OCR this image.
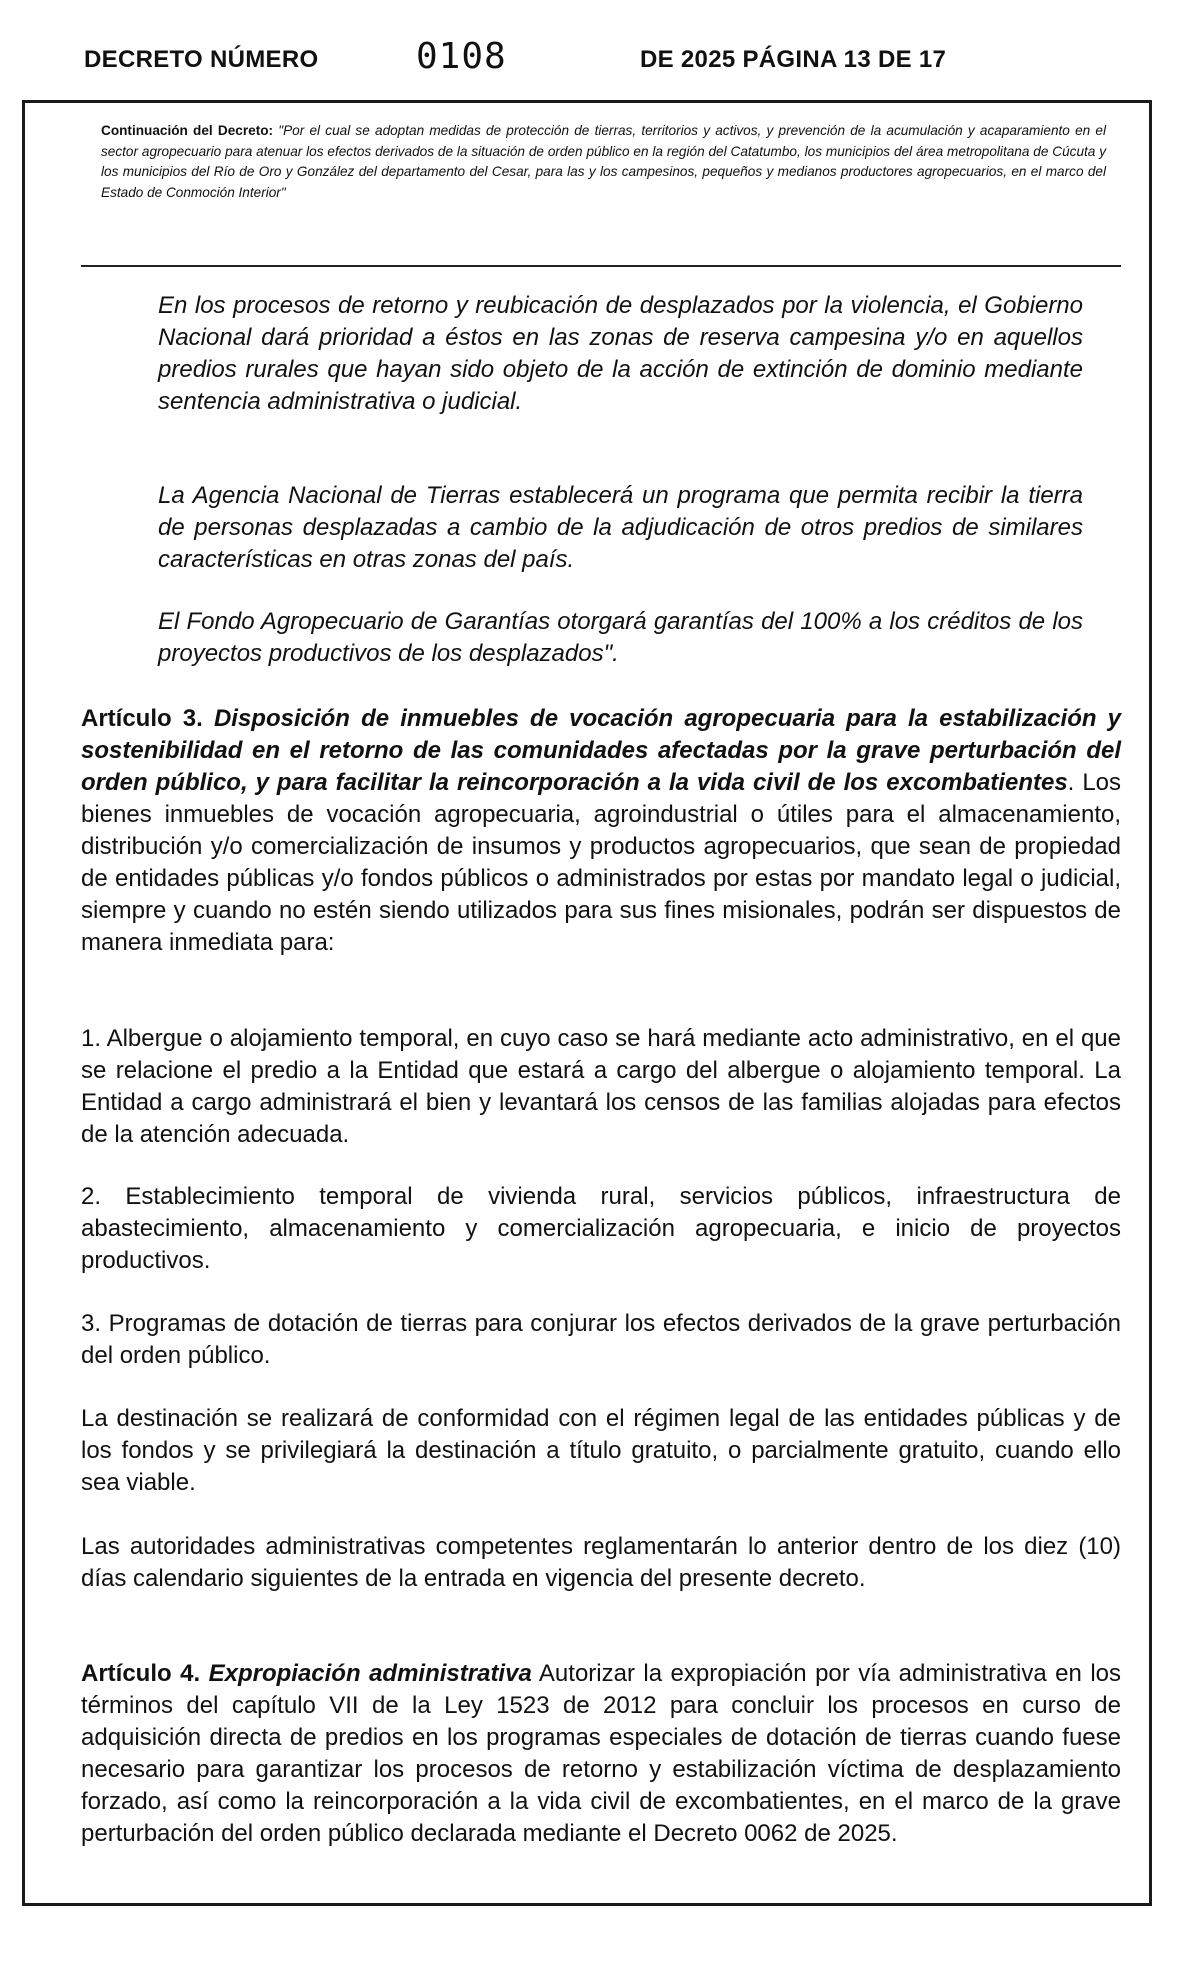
DECRETO NÚMERO	0108	DE 2025 PÁGINA 13 DE 17
Continuación del Decreto: "Por el cual se adoptan medidas de protección de tierras, territorios y activos, y prevención de la acumulación y acaparamiento en el sector agropecuario para atenuar los efectos derivados de la situación de orden público en la región del Catatumbo, los municipios del área metropolitana de Cúcuta y los municipios del Río de Oro y González del departamento del Cesar, para las y los campesinos, pequeños y medianos productores agropecuarios, en el marco del Estado de Conmoción Interior"
En los procesos de retorno y reubicación de desplazados por la violencia, el Gobierno Nacional dará prioridad a éstos en las zonas de reserva campesina y/o en aquellos predios rurales que hayan sido objeto de la acción de extinción de dominio mediante sentencia administrativa o judicial.
La Agencia Nacional de Tierras establecerá un programa que permita recibir la tierra de personas desplazadas a cambio de la adjudicación de otros predios de similares características en otras zonas del país.
El Fondo Agropecuario de Garantías otorgará garantías del 100% a los créditos de los proyectos productivos de los desplazados".
Artículo 3. Disposición de inmuebles de vocación agropecuaria para la estabilización y sostenibilidad en el retorno de las comunidades afectadas por la grave perturbación del orden público, y para facilitar la reincorporación a la vida civil de los excombatientes. Los bienes inmuebles de vocación agropecuaria, agroindustrial o útiles para el almacenamiento, distribución y/o comercialización de insumos y productos agropecuarios, que sean de propiedad de entidades públicas y/o fondos públicos o administrados por estas por mandato legal o judicial, siempre y cuando no estén siendo utilizados para sus fines misionales, podrán ser dispuestos de manera inmediata para:
1. Albergue o alojamiento temporal, en cuyo caso se hará mediante acto administrativo, en el que se relacione el predio a la Entidad que estará a cargo del albergue o alojamiento temporal. La Entidad a cargo administrará el bien y levantará los censos de las familias alojadas para efectos de la atención adecuada.
2. Establecimiento temporal de vivienda rural, servicios públicos, infraestructura de abastecimiento, almacenamiento y comercialización agropecuaria, e inicio de proyectos productivos.
3. Programas de dotación de tierras para conjurar los efectos derivados de la grave perturbación del orden público.
La destinación se realizará de conformidad con el régimen legal de las entidades públicas y de los fondos y se privilegiará la destinación a título gratuito, o parcialmente gratuito, cuando ello sea viable.
Las autoridades administrativas competentes reglamentarán lo anterior dentro de los diez (10) días calendario siguientes de la entrada en vigencia del presente decreto.
Artículo 4. Expropiación administrativa Autorizar la expropiación por vía administrativa en los términos del capítulo VII de la Ley 1523 de 2012 para concluir los procesos en curso de adquisición directa de predios en los programas especiales de dotación de tierras cuando fuese necesario para garantizar los procesos de retorno y estabilización víctima de desplazamiento forzado, así como la reincorporación a la vida civil de excombatientes, en el marco de la grave perturbación del orden público declarada mediante el Decreto 0062 de 2025.
